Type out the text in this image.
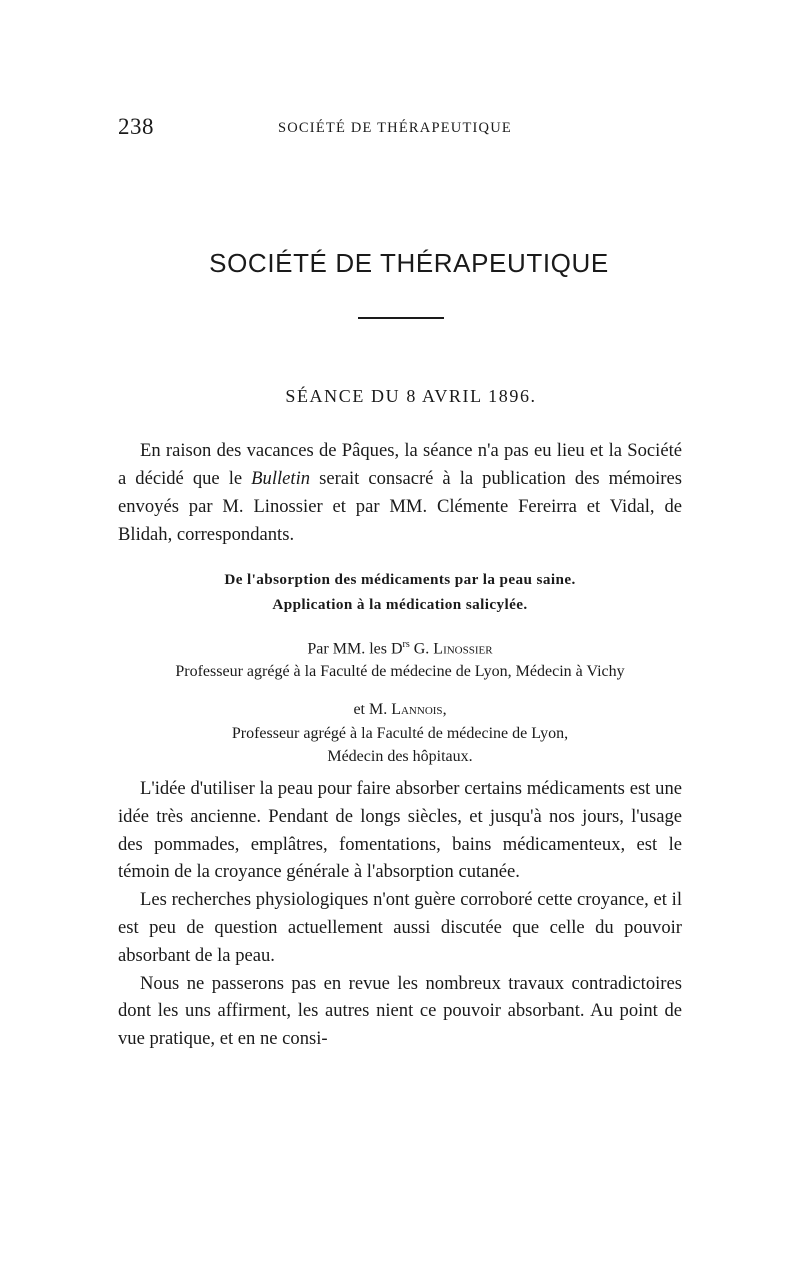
238	SOCIÉTÉ DE THÉRAPEUTIQUE
SOCIÉTÉ DE THÉRAPEUTIQUE
SÉANCE DU 8 AVRIL 1896.

En raison des vacances de Pâques, la séance n'a pas eu lieu et la Société a décidé que le Bulletin serait consacré à la publication des mémoires envoyés par M. Linossier et par MM. Clémente Fereirra et Vidal, de Blidah, correspondants.

De l'absorption des médicaments par la peau saine.
Application à la médication salicylée.
Par MM. les $D^{rs}$ G. Linossier
Professeur agrégé à la Faculté de médecine de Lyon, Médecin à Vichy
et M. Lannois,
Professeur agrégé à la Faculté de médecine de Lyon,
Médecin des hôpitaux.

L'idée d'utiliser la peau pour faire absorber certains médicaments est une idée très ancienne. Pendant de longs siècles, et jusqu'à nos jours, l'usage des pommades, emplâtres, fomentations, bains médicamenteux, est le témoin de la croyance générale à l'absorption cutanée.

Les recherches physiologiques n'ont guère corroboré cette croyance, et il est peu de question actuellement aussi discutée que celle du pouvoir absorbant de la peau.

Nous ne passerons pas en revue les nombreux travaux contradictoires dont les uns affirment, les autres nient ce pouvoir absorbant. Au point de vue pratique, et en ne consi-
